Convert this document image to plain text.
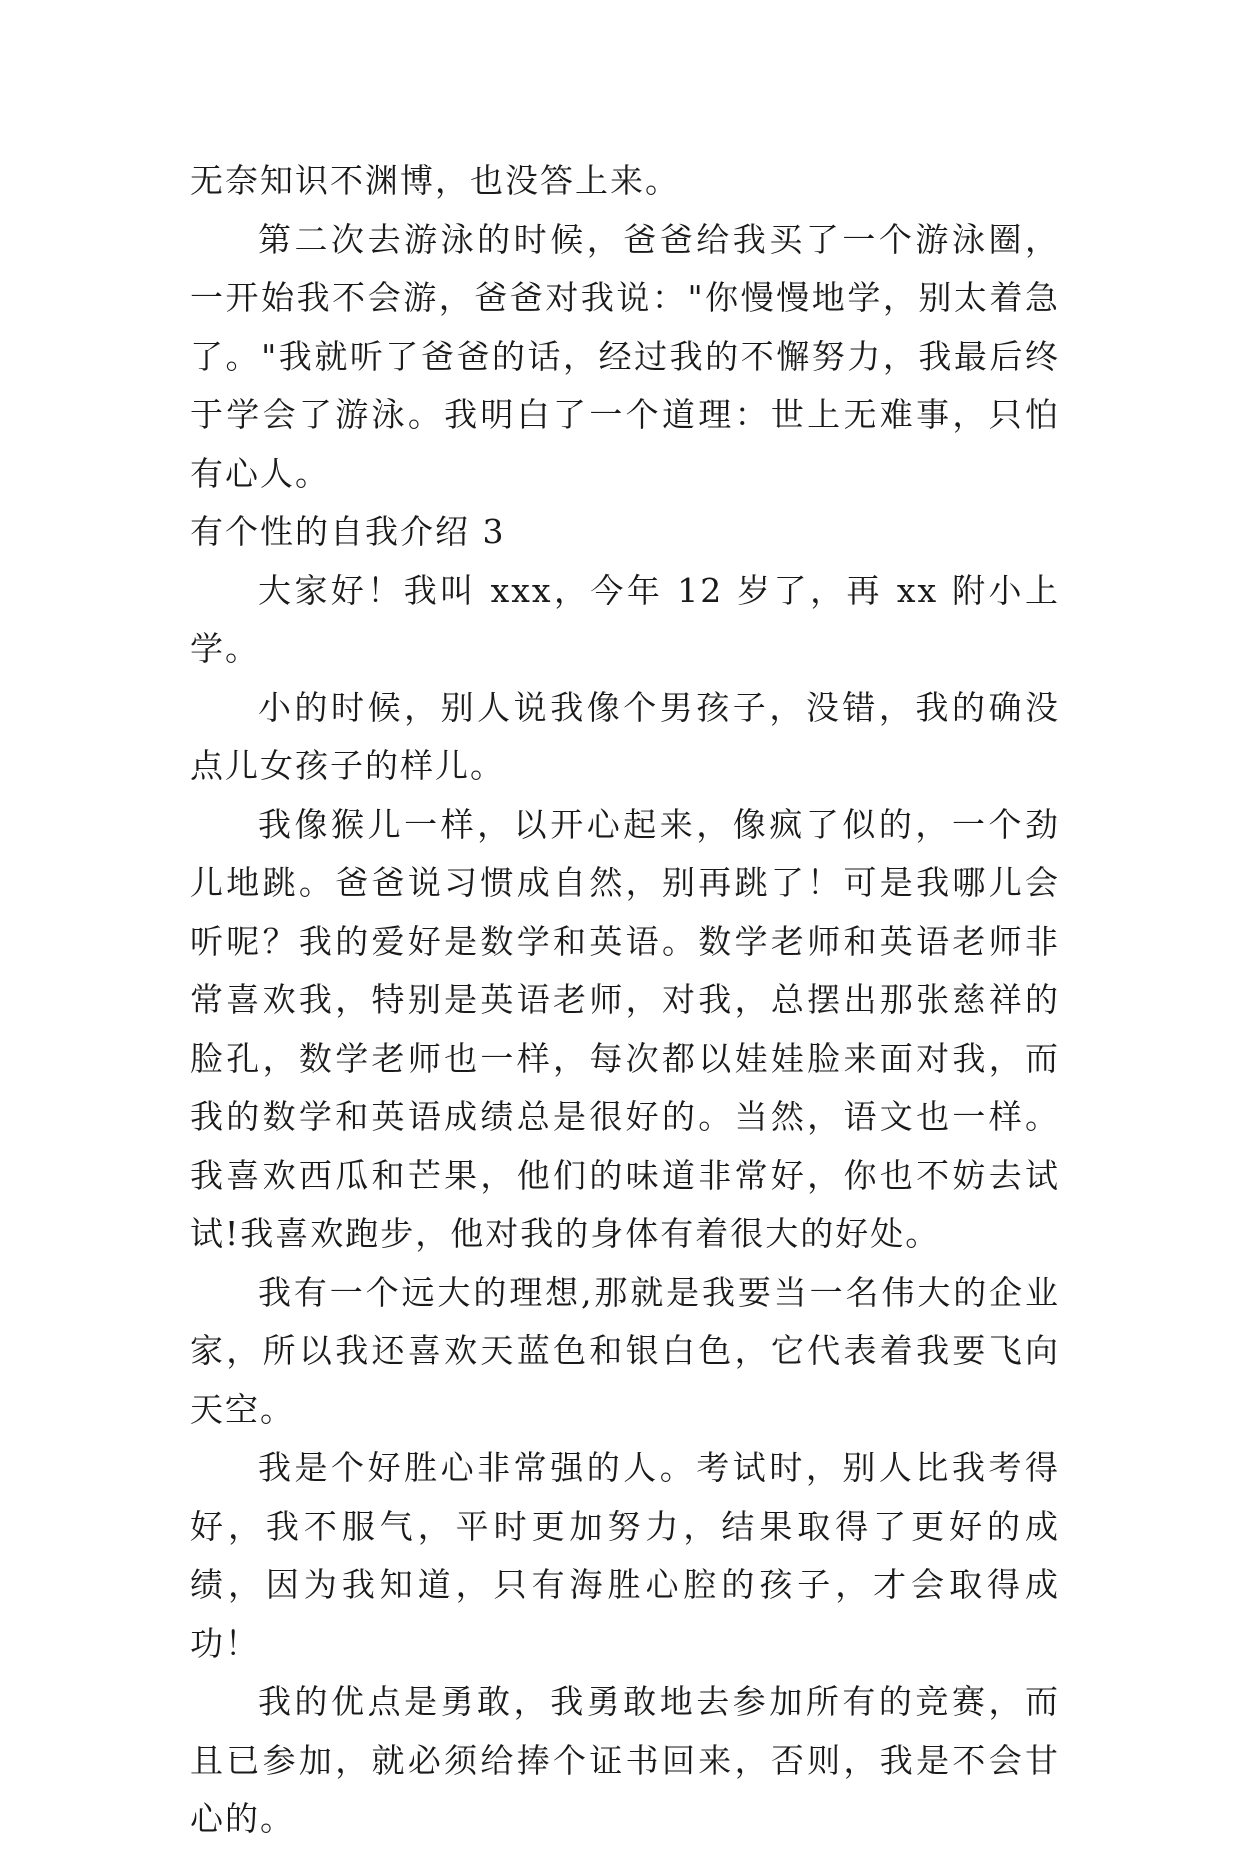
无奈知识不渊博，也没答上来。

第二次去游泳的时候，爸爸给我买了一个游泳圈，一开始我不会游，爸爸对我说："你慢慢地学，别太着急了。"我就听了爸爸的话，经过我的不懈努力，我最后终于学会了游泳。我明白了一个道理：世上无难事，只怕有心人。

有个性的自我介绍 3

大家好！我叫 xxx，今年 12 岁了，再 xx 附小上学。

小的时候，别人说我像个男孩子，没错，我的确没点儿女孩子的样儿。

我像猴儿一样，以开心起来，像疯了似的，一个劲儿地跳。爸爸说习惯成自然，别再跳了！可是我哪儿会听呢？我的爱好是数学和英语。数学老师和英语老师非常喜欢我，特别是英语老师，对我，总摆出那张慈祥的脸孔，数学老师也一样，每次都以娃娃脸来面对我，而我的数学和英语成绩总是很好的。当然，语文也一样。我喜欢西瓜和芒果，他们的味道非常好，你也不妨去试试!我喜欢跑步，他对我的身体有着很大的好处。

我有一个远大的理想,那就是我要当一名伟大的企业家，所以我还喜欢天蓝色和银白色，它代表着我要飞向天空。

我是个好胜心非常强的人。考试时，别人比我考得好，我不服气，平时更加努力，结果取得了更好的成绩，因为我知道，只有海胜心腔的孩子，才会取得成功！

我的优点是勇敢，我勇敢地去参加所有的竞赛，而且已参加，就必须给捧个证书回来，否则，我是不会甘心的。
